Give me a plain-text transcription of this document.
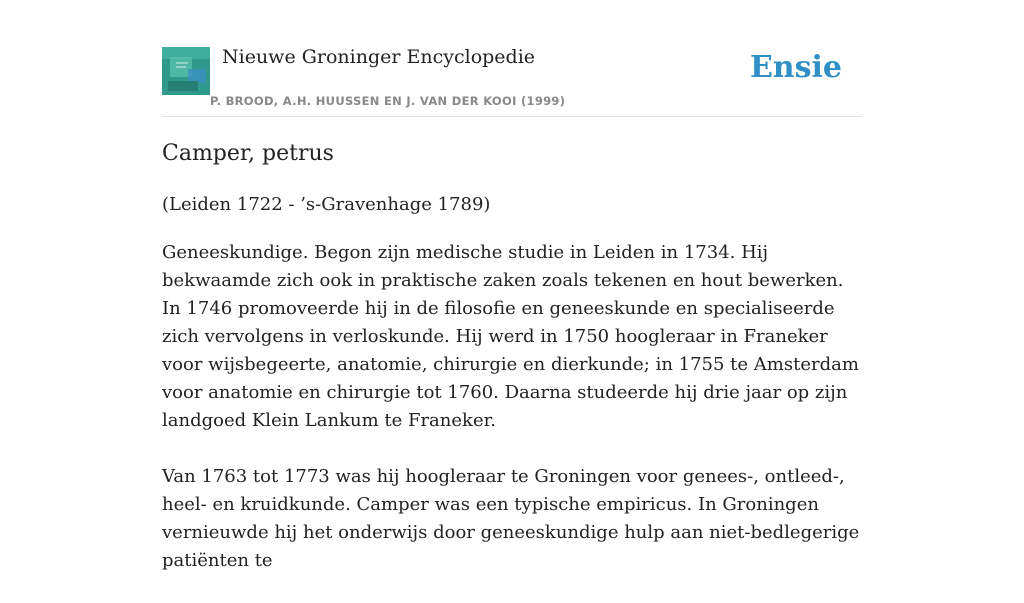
Nieuwe Groninger Encyclopedie
P. BROOD, A.H. HUUSSEN EN J. VAN DER KOOI (1999)
Ensie
Camper, petrus
(Leiden 1722 - ’s-Gravenhage 1789)

Geneeskundige. Begon zijn medische studie in Leiden in 1734. Hij bekwaamde zich ook in praktische zaken zoals tekenen en hout bewerken. In 1746 promoveerde hij in de filosofie en geneeskunde en specialiseerde zich vervolgens in verloskunde. Hij werd in 1750 hoogleraar in Franeker voor wijsbegeerte, anatomie, chirurgie en dierkunde; in 1755 te Amsterdam voor anatomie en chirurgie tot 1760. Daarna studeerde hij drie jaar op zijn landgoed Klein Lankum te Franeker.

Van 1763 tot 1773 was hij hoogleraar te Groningen voor genees-, ontleed-, heel- en kruidkunde. Camper was een typische empiricus. In Groningen vernieuwde hij het onderwijs door geneeskundige hulp aan niet-bedlegerige patiënten te
